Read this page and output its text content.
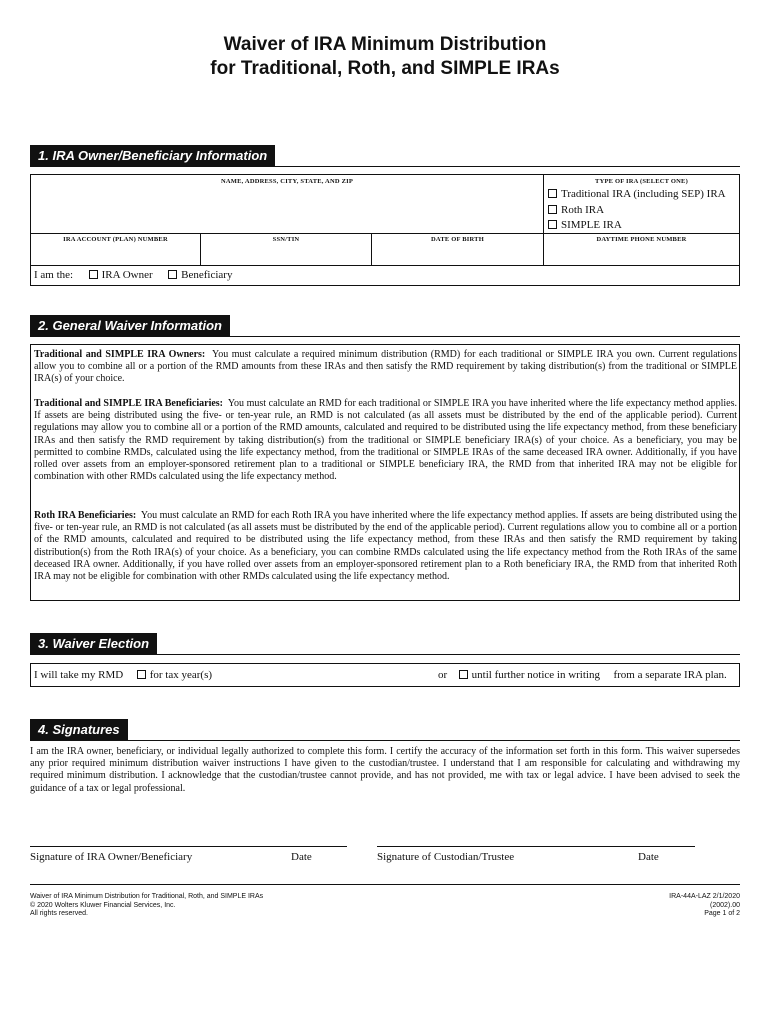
Waiver of IRA Minimum Distribution
for Traditional, Roth, and SIMPLE IRAs
1. IRA Owner/Beneficiary Information
NAME, ADDRESS, CITY, STATE, AND ZIP	TYPE OF IRA (SELECT ONE)
Traditional IRA (including SEP) IRA
Roth IRA
SIMPLE IRA
IRA ACCOUNT (PLAN) NUMBER	SSN/TIN	DATE OF BIRTH	DAYTIME PHONE NUMBER
I am the:	IRA Owner	Beneficiary
2. General Waiver Information
Traditional and SIMPLE IRA Owners: You must calculate a required minimum distribution (RMD) for each traditional or SIMPLE IRA you own. Current regulations allow you to combine all or a portion of the RMD amounts from these IRAs and then satisfy the RMD requirement by taking distribution(s) from the traditional or SIMPLE IRA(s) of your choice.
Traditional and SIMPLE IRA Beneficiaries: You must calculate an RMD for each traditional or SIMPLE IRA you have inherited where the life expectancy method applies. If assets are being distributed using the five- or ten-year rule, an RMD is not calculated (as all assets must be distributed by the end of the applicable period). Current regulations may allow you to combine all or a portion of the RMD amounts, calculated and required to be distributed using the life expectancy method, from these beneficiary IRAs and then satisfy the RMD requirement by taking distribution(s) from the traditional or SIMPLE beneficiary IRA(s) of your choice. As a beneficiary, you may be permitted to combine RMDs, calculated using the life expectancy method, from the traditional or SIMPLE IRAs of the same deceased IRA owner. Additionally, if you have rolled over assets from an employer-sponsored retirement plan to a traditional or SIMPLE beneficiary IRA, the RMD from that inherited IRA may not be eligible for combination with other RMDs calculated using the life expectancy method.
Roth IRA Beneficiaries: You must calculate an RMD for each Roth IRA you have inherited where the life expectancy method applies. If assets are being distributed using the five- or ten-year rule, an RMD is not calculated (as all assets must be distributed by the end of the applicable period). Current regulations allow you to combine all or a portion of the RMD amounts, calculated and required to be distributed using the life expectancy method, from these IRAs and then satisfy the RMD requirement by taking distribution(s) from the Roth IRA(s) of your choice. As a beneficiary, you can combine RMDs calculated using the life expectancy method from the Roth IRAs of the same deceased IRA owner. Additionally, if you have rolled over assets from an employer-sponsored retirement plan to a Roth beneficiary IRA, the RMD from that inherited Roth IRA may not be eligible for combination with other RMDs calculated using the life expectancy method.
3. Waiver Election
I will take my RMD for tax year(s)	or until further notice in writing from a separate IRA plan.
4. Signatures
I am the IRA owner, beneficiary, or individual legally authorized to complete this form. I certify the accuracy of the information set forth in this form. This waiver supersedes any prior required minimum distribution waiver instructions I have given to the custodian/trustee. I understand that I am responsible for calculating and withdrawing my required minimum distribution. I acknowledge that the custodian/trustee cannot provide, and has not provided, me with tax or legal advice. I have been advised to seek the guidance of a tax or legal professional.
Signature of IRA Owner/Beneficiary	Date	Signature of Custodian/Trustee	Date
Waiver of IRA Minimum Distribution for Traditional, Roth, and SIMPLE IRAs
© 2020 Wolters Kluwer Financial Services, Inc.
All rights reserved.
IRA-44A-LAZ 2/1/2020
(2002).00
Page 1 of 2
